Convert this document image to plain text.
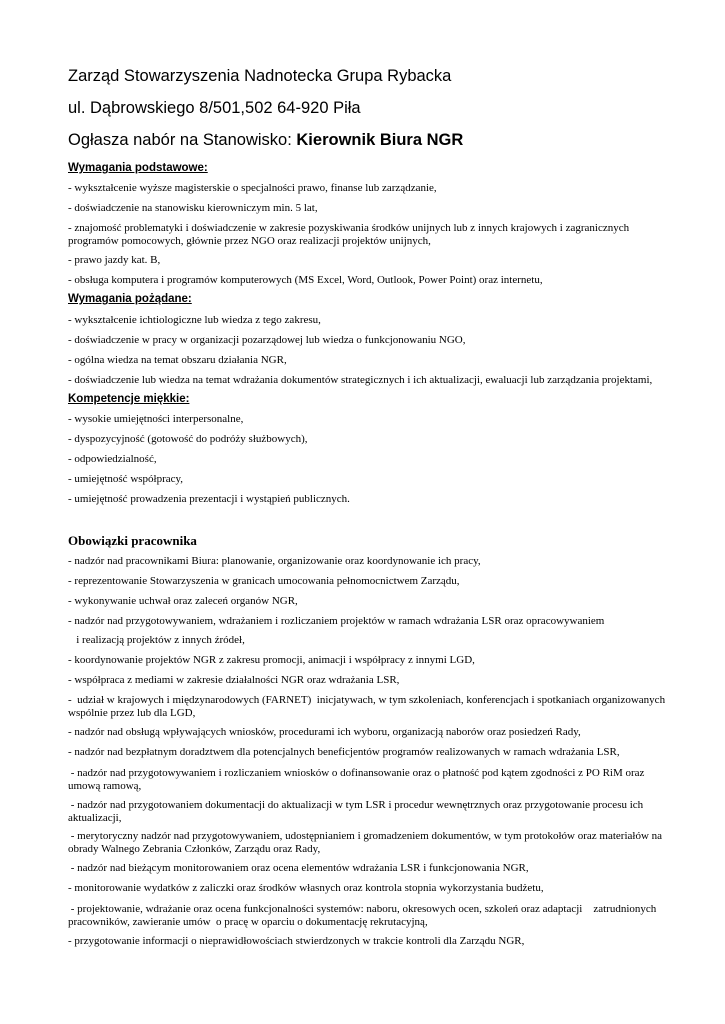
Zarząd Stowarzyszenia Nadnotecka Grupa Rybacka
ul. Dąbrowskiego 8/501,502 64-920 Piła
Ogłasza nabór na Stanowisko: Kierownik Biura NGR
Wymagania podstawowe:
- wykształcenie wyższe magisterskie o specjalności prawo, finanse lub zarządzanie,
- doświadczenie na stanowisku kierowniczym min. 5 lat,
- znajomość problematyki i doświadczenie w zakresie pozyskiwania środków unijnych lub z innych krajowych i zagranicznych programów pomocowych, głównie przez NGO oraz realizacji projektów unijnych,
- prawo jazdy kat. B,
- obsługa komputera i programów komputerowych (MS Excel, Word, Outlook, Power Point) oraz internetu,
Wymagania pożądane:
- wykształcenie ichtiologiczne lub wiedza z tego zakresu,
- doświadczenie w pracy w organizacji pozarządowej lub wiedza o funkcjonowaniu NGO,
- ogólna wiedza na temat obszaru działania NGR,
- doświadczenie lub wiedza na temat wdrażania dokumentów strategicznych i ich aktualizacji, ewaluacji lub zarządzania projektami,
Kompetencje miękkie:
- wysokie umiejętności interpersonalne,
- dyspozycyjność (gotowość do podróży służbowych),
- odpowiedzialność,
- umiejętność współpracy,
- umiejętność prowadzenia prezentacji i wystąpień publicznych.
Obowiązki pracownika
- nadzór nad pracownikami Biura: planowanie, organizowanie oraz koordynowanie ich pracy,
- reprezentowanie Stowarzyszenia w granicach umocowania pełnomocnictwem Zarządu,
- wykonywanie uchwał oraz zaleceń organów NGR,
- nadzór nad przygotowywaniem, wdrażaniem i rozliczaniem projektów w ramach wdrażania LSR oraz opracowywaniem
i realizacją projektów z innych źródeł,
- koordynowanie projektów NGR z zakresu promocji, animacji i współpracy z innymi LGD,
- współpraca z mediami w zakresie działalności NGR oraz wdrażania LSR,
-  udział w krajowych i międzynarodowych (FARNET)  inicjatywach, w tym szkoleniach, konferencjach i spotkaniach organizowanych wspólnie przez lub dla LGD,
- nadzór nad obsługą wpływających wniosków, procedurami ich wyboru, organizacją naborów oraz posiedzeń Rady,
- nadzór nad bezpłatnym doradztwem dla potencjalnych beneficjentów programów realizowanych w ramach wdrażania LSR,
- nadzór nad przygotowywaniem i rozliczaniem wniosków o dofinansowanie oraz o płatność pod kątem zgodności z PO RiM oraz umową ramową,
- nadzór nad przygotowaniem dokumentacji do aktualizacji w tym LSR i procedur wewnętrznych oraz przygotowanie procesu ich aktualizacji,
- merytoryczny nadzór nad przygotowywaniem, udostępnianiem i gromadzeniem dokumentów, w tym protokołów oraz materiałów na obrady Walnego Zebrania Członków, Zarządu oraz Rady,
- nadzór nad bieżącym monitorowaniem oraz ocena elementów wdrażania LSR i funkcjonowania NGR,
- monitorowanie wydatków z zaliczki oraz środków własnych oraz kontrola stopnia wykorzystania budżetu,
- projektowanie, wdrażanie oraz ocena funkcjonalności systemów: naboru, okresowych ocen, szkoleń oraz adaptacji    zatrudnionych pracowników, zawieranie umów  o pracę w oparciu o dokumentację rekrutacyjną,
- przygotowanie informacji o nieprawidłowościach stwierdzonych w trakcie kontroli dla Zarządu NGR,
